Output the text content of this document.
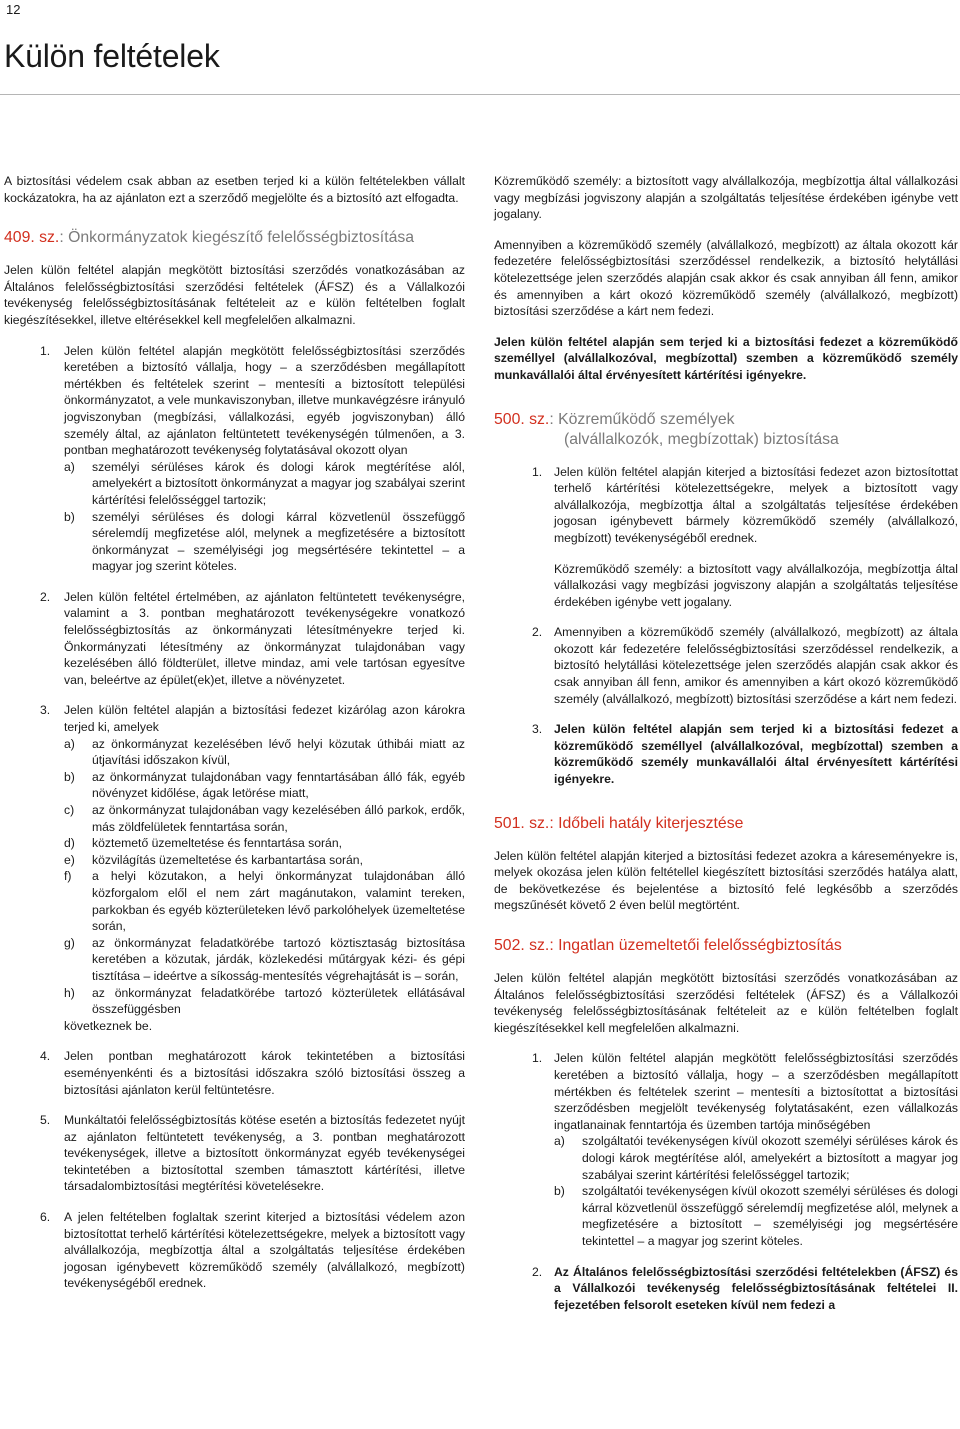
12
Külön feltételek

A biztosítási védelem csak abban az esetben terjed ki a külön feltételekben vállalt kockázatokra, ha az ajánlaton ezt a szerződő megjelölte és a biztosító azt elfogadta.

409. sz.: Önkormányzatok kiegészítő felelősségbiztosítása

Jelen külön feltétel alapján megkötött biztosítási szerződés vonatkozásában az Általános felelősségbiztosítási szerződési feltételek (ÁFSZ) és a Vállalkozói tevékenység felelősségbiztosításának feltételeit az e külön feltételben foglalt kiegészítésekkel, illetve eltérésekkel kell megfelelően alkalmazni.

1. Jelen külön feltétel alapján megkötött felelősségbiztosítási szerződés keretében a biztosító vállalja, hogy – a szerződésben megállapított mértékben és feltételek szerint – mentesíti a biztosított települési önkormányzatot, a vele munkaviszonyban, illetve munkavégzésre irányuló jogviszonyban (megbízási, vállalkozási, egyéb jogviszonyban) álló személy által, az ajánlaton feltüntetett tevékenységén túlmenően, a 3. pontban meghatározott tevékenység folytatásával okozott olyan

a) személyi sérüléses károk és dologi károk megtérítése alól, amelyekért a biztosított önkormányzat a magyar jog szabályai szerint kártérítési felelősséggel tartozik;

b) személyi sérüléses és dologi kárral közvetlenül összefüggő sérelemdíj megfizetése alól, melynek a megfizetésére a biztosított önkormányzat – személyiségi jog megsértésére tekintettel – a magyar jog szerint köteles.

2. Jelen külön feltétel értelmében, az ajánlaton feltüntetett tevékenységre, valamint a 3. pontban meghatározott tevékenységekre vonatkozó felelősségbiztosítás az önkormányzati létesítményekre terjed ki. Önkormányzati létesítmény az önkormányzat tulajdonában vagy kezelésében álló földterület, illetve mindaz, ami vele tartósan egyesítve van, beleértve az épület(ek)et, illetve a növényzetet.

3. Jelen külön feltétel alapján a biztosítási fedezet kizárólag azon károkra terjed ki, amelyek

a) az önkormányzat kezelésében lévő helyi közutak úthibái miatt az útjavítási időszakon kívül,

b) az önkormányzat tulajdonában vagy fenntartásában álló fák, egyéb növényzet kidőlése, ágak letörése miatt,

c) az önkormányzat tulajdonában vagy kezelésében álló parkok, erdők, más zöldfelületek fenntartása során,

d) köztemető üzemeltetése és fenntartása során,

e) közvilágítás üzemeltetése és karbantartása során,

f) a helyi közutakon, a helyi önkormányzat tulajdonában álló közforgalom elől el nem zárt magánutakon, valamint tereken, parkokban és egyéb közterületeken lévő parkolóhelyek üzemeltetése során,

g) az önkormányzat feladatkörébe tartozó köztisztaság biztosítása keretében a közutak, járdák, közlekedési műtárgyak kézi- és gépi tisztítása – ideértve a síkosság-mentesítés végrehajtását is – során,

h) az önkormányzat feladatkörébe tartozó közterületek ellátásával összefüggésben

következnek be.

4. Jelen pontban meghatározott károk tekintetében a biztosítási eseményenkénti és a biztosítási időszakra szóló biztosítási összeg a biztosítási ajánlaton kerül feltüntetésre.

5. Munkáltatói felelősségbiztosítás kötése esetén a biztosítás fedezetet nyújt az ajánlaton feltüntetett tevékenység, a 3. pontban meghatározott tevékenységek, illetve a biztosított önkormányzat egyéb tevékenységei tekintetében a biztosítottal szemben támasztott kártérítési, illetve társadalombiztosítási megtérítési követelésekre.

6. A jelen feltételben foglaltak szerint kiterjed a biztosítási védelem azon biztosítottat terhelő kártérítési kötelezettségekre, melyek a biztosított vagy alvállalkozója, megbízottja által a szolgáltatás teljesítése érdekében jogosan igénybevett közreműködő személy (alvállalkozó, megbízott) tevékenységéből erednek.

Közreműködő személy: a biztosított vagy alvállalkozója, megbízottja által vállalkozási vagy megbízási jogviszony alapján a szolgáltatás teljesítése érdekében igénybe vett jogalany.

Amennyiben a közreműködő személy (alvállalkozó, megbízott) az általa okozott kár fedezetére felelősségbiztosítási szerződéssel rendelkezik, a biztosító helytállási kötelezettsége jelen szerződés alapján csak akkor és csak annyiban áll fenn, amikor és amennyiben a kárt okozó közreműködő személy (alvállalkozó, megbízott) biztosítási szerződése a kárt nem fedezi.

Jelen külön feltétel alapján sem terjed ki a biztosítási fedezet a közreműködő személlyel (alvállalkozóval, megbízottal) szemben a közreműködő személy munkavállalói által érvényesített kártérítési igényekre.

500. sz.: Közreműködő személyek
(alvállalkozók, megbízottak) biztosítása
1. Jelen külön feltétel alapján kiterjed a biztosítási fedezet azon biztosítottat terhelő kártérítési kötelezettségekre, melyek a biztosított vagy alvállalkozója, megbízottja által a szolgáltatás teljesítése érdekében jogosan igénybevett bármely közreműködő személy (alvállalkozó, megbízott) tevékenységéből erednek.

Közreműködő személy: a biztosított vagy alvállalkozója, megbízottja által vállalkozási vagy megbízási jogviszony alapján a szolgáltatás teljesítése érdekében igénybe vett jogalany.

2. Amennyiben a közreműködő személy (alvállalkozó, megbízott) az általa okozott kár fedezetére felelősségbiztosítási szerződéssel rendelkezik, a biztosító helytállási kötelezettsége jelen szerződés alapján csak akkor és csak annyiban áll fenn, amikor és amennyiben a kárt okozó közreműködő személy (alvállalkozó, megbízott) biztosítási szerződése a kárt nem fedezi.

3. Jelen külön feltétel alapján sem terjed ki a biztosítási fedezet a közreműködő személlyel (alvállalkozóval, megbízottal) szemben a közreműködő személy munkavállalói által érvényesített kártérítési igényekre.

501. sz.: Időbeli hatály kiterjesztése

Jelen külön feltétel alapján kiterjed a biztosítási fedezet azokra a káreseményekre is, melyek okozása jelen külön feltétellel kiegészített biztosítási szerződés hatálya alatt, de bekövetkezése és bejelentése a biztosító felé legkésőbb a szerződés megszűnését követő 2 éven belül megtörtént.

502. sz.: Ingatlan üzemeltetői felelősségbiztosítás

Jelen külön feltétel alapján megkötött biztosítási szerződés vonatkozásában az Általános felelősségbiztosítási szerződési feltételek (ÁFSZ) és a Vállalkozói tevékenység felelősségbiztosításának feltételeit az e külön feltételben foglalt kiegészítésekkel kell megfelelően alkalmazni.

1. Jelen külön feltétel alapján megkötött felelősségbiztosítási szerződés keretében a biztosító vállalja, hogy – a szerződésben megállapított mértékben és feltételek szerint – mentesíti a biztosítottat a biztosítási szerződésben megjelölt tevékenység folytatásaként, ezen vállalkozás ingatlanainak fenntartója és üzemben tartója minőségében

a) szolgáltatói tevékenységen kívül okozott személyi sérüléses károk és dologi károk megtérítése alól, amelyekért a biztosított a magyar jog szabályai szerint kártérítési felelősséggel tartozik;

b) szolgáltatói tevékenységen kívül okozott személyi sérüléses és dologi kárral közvetlenül összefüggő sérelemdíj megfizetése alól, melynek a megfizetésére a biztosított – személyiségi jog megsértésére tekintettel – a magyar jog szerint köteles.

2. Az Általános felelősségbiztosítási szerződési feltételekben (ÁFSZ) és a Vállalkozói tevékenység felelősségbiztosításának feltételei II. fejezetében felsorolt eseteken kívül nem fedezi a
